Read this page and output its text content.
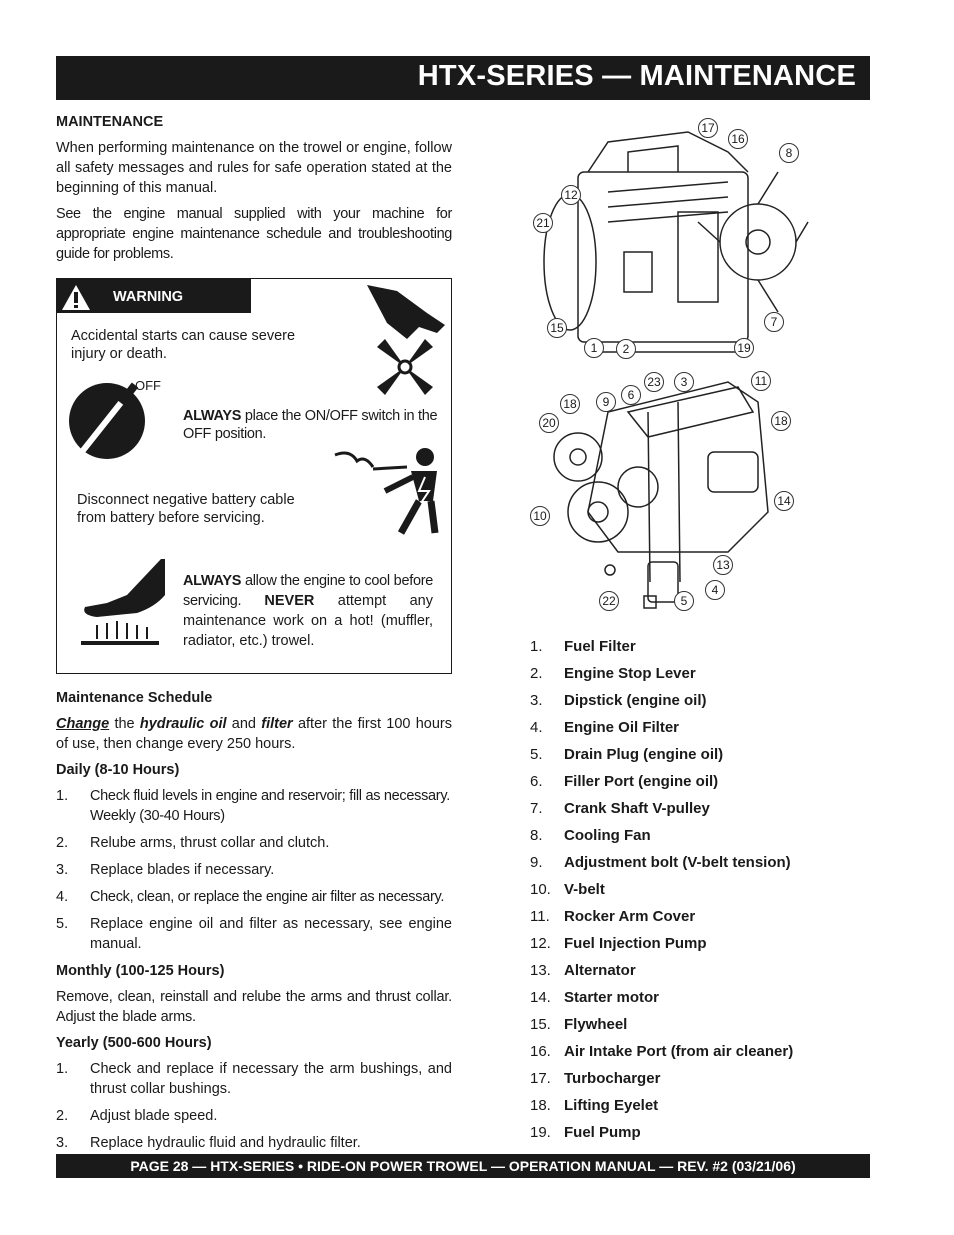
HTX-SERIES — MAINTENANCE
MAINTENANCE

When performing maintenance on the trowel or engine, follow all safety messages and rules for safe operation stated at the beginning of this manual.

See the engine manual supplied with your machine for appropriate engine maintenance schedule and troubleshooting guide for problems.

WARNING
Accidental starts can cause severe injury or death.
OFF
ALWAYS place the ON/OFF switch in the OFF position.
Disconnect negative battery cable from battery before servicing.
ALWAYS allow the engine to cool before servicing. NEVER attempt any maintenance work on a hot! (muffler, radiator, etc.) trowel.
Maintenance Schedule

Change the hydraulic oil and filter after the first 100 hours of use, then change every 250 hours.

Daily (8-10 Hours)
1.	Check fluid levels in engine and reservoir; fill as necessary. Weekly (30-40 Hours)
2.	Relube arms, thrust collar and clutch.
3.	Replace blades if necessary.
4.	Check, clean, or replace the engine air filter as necessary.
5.	Replace engine oil and filter as necessary, see engine manual.
Monthly (100-125 Hours)

Remove, clean, reinstall and relube the arms and thrust collar. Adjust the blade arms.

Yearly (500-600 Hours)
1.	Check and replace if necessary the arm bushings, and thrust collar bushings.
2.	Adjust blade speed.
3.	Replace hydraulic fluid and hydraulic filter.
17
16
8
12
21
15
1	2	19
7
23	3	11
6
9
18
20	18
10
14
13
4
22	5
1.	Fuel Filter
2.	Engine Stop Lever
3.	Dipstick (engine oil)
4.	Engine Oil Filter
5.	Drain Plug (engine oil)
6.	Filler Port (engine oil)
7.	Crank Shaft V-pulley
8.	Cooling Fan
9.	Adjustment bolt (V-belt tension)
10. V-belt
11. Rocker Arm Cover
12. Fuel Injection Pump
13. Alternator
14. Starter motor
15. Flywheel
16. Air Intake Port (from air cleaner)
17. Turbocharger
18. Lifting Eyelet
19. Fuel Pump
PAGE 28 — HTX-SERIES • RIDE-ON POWER TROWEL — OPERATION MANUAL — REV. #2 (03/21/06)
